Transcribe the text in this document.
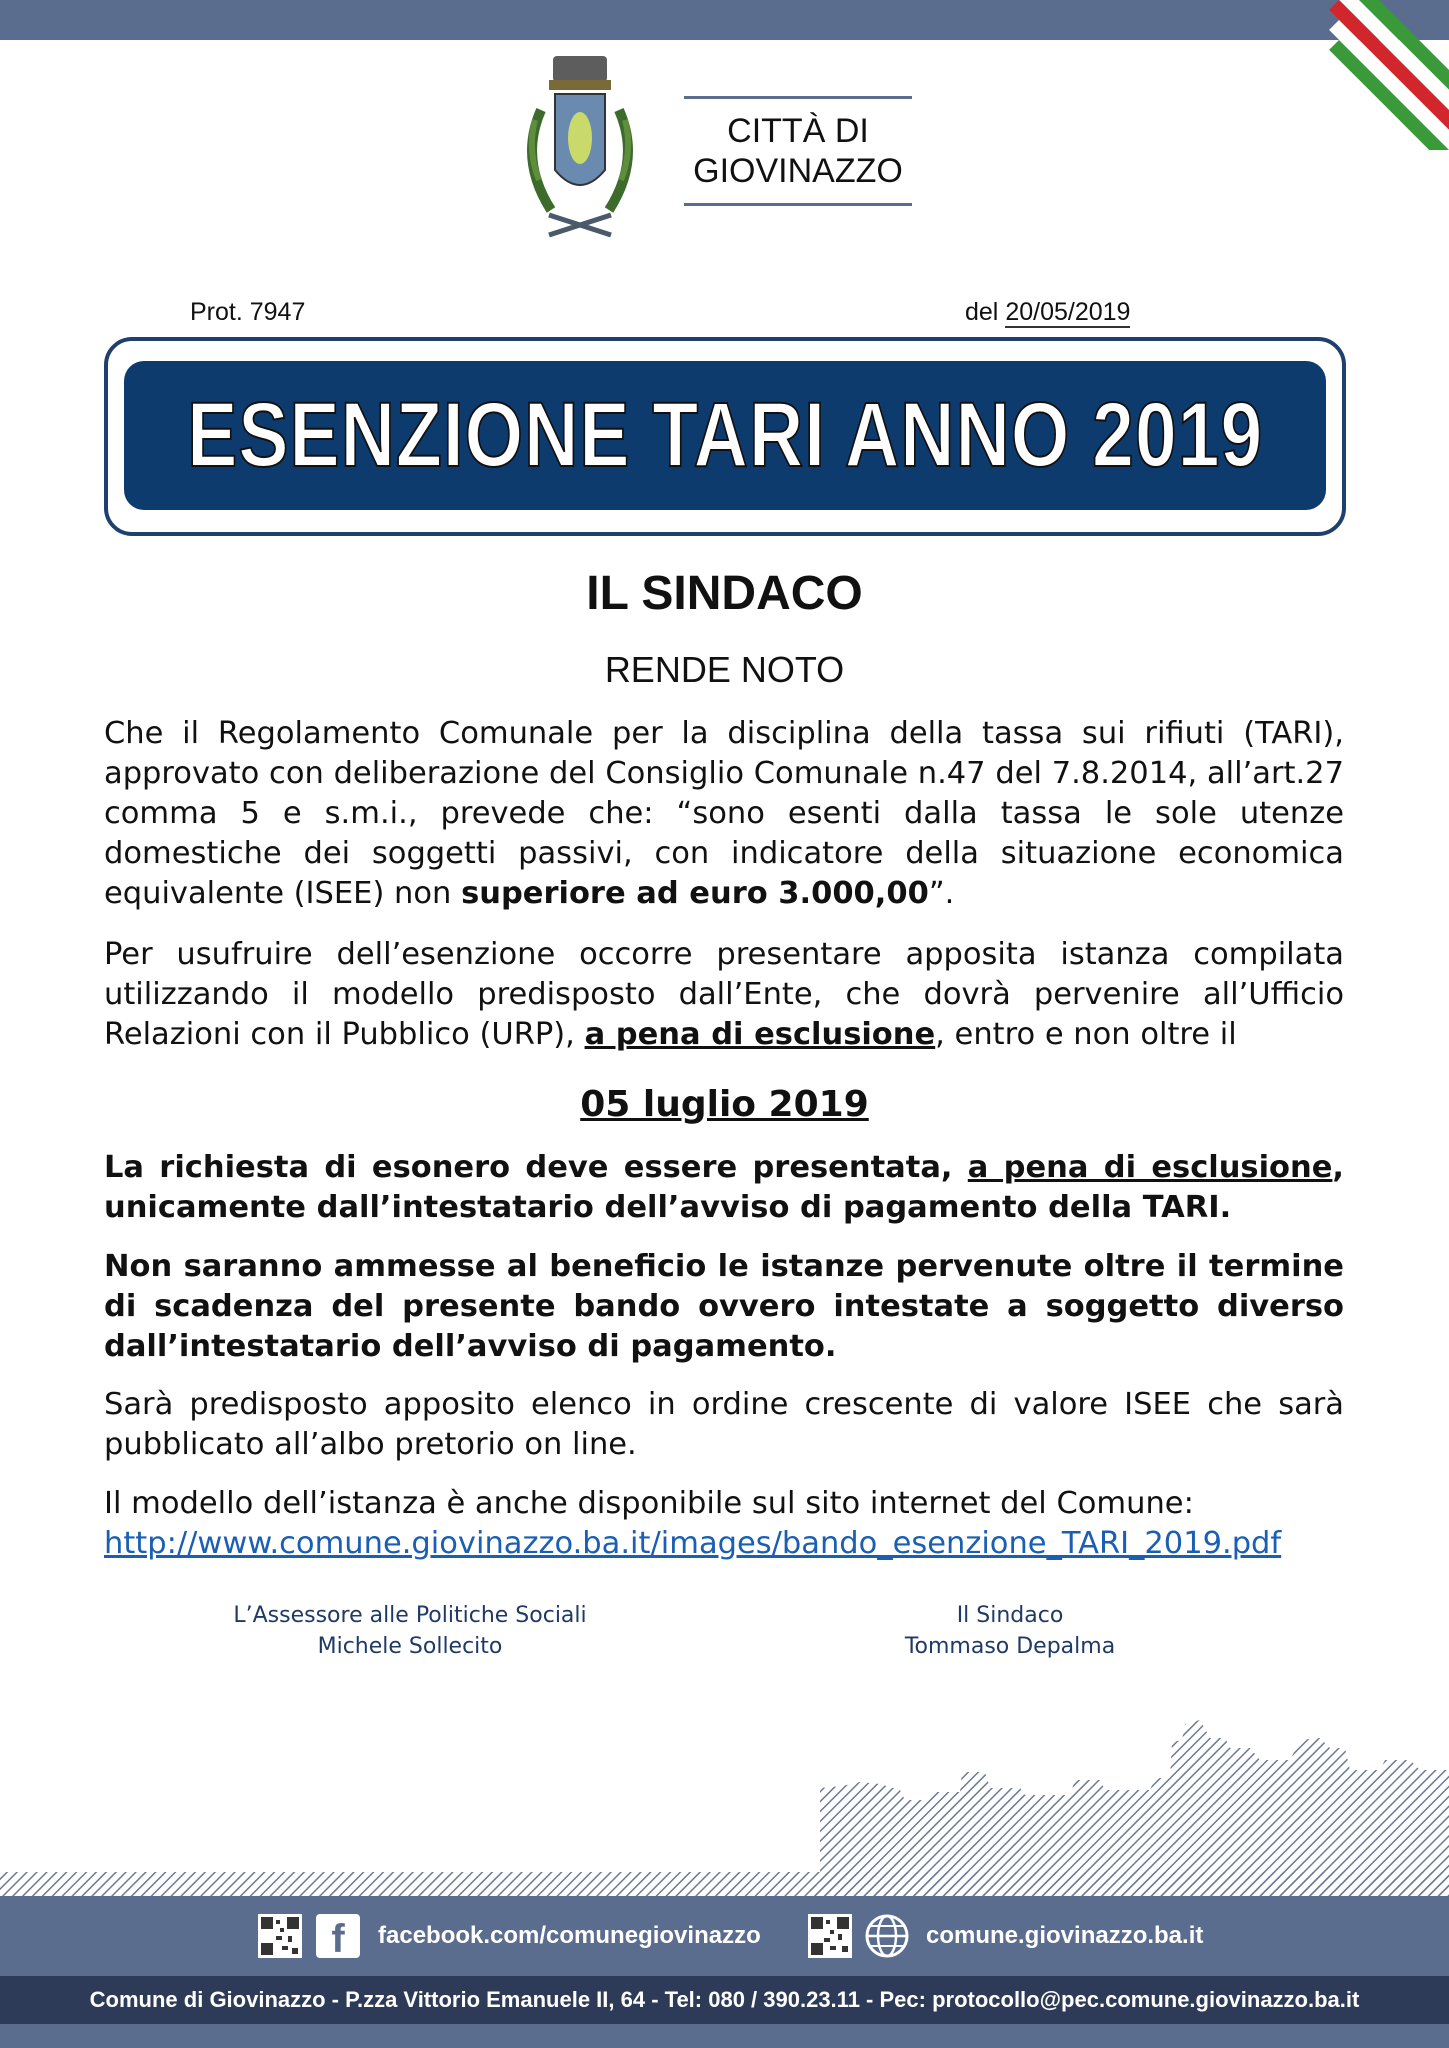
CITTÀ DI
GIOVINAZZO
Prot. 7947	del 20/05/2019
ESENZIONE TARI ANNO 2019
IL SINDACO
RENDE NOTO

Che il Regolamento Comunale per la disciplina della tassa sui rifiuti (TARI), approvato con deliberazione del Consiglio Comunale n.47 del 7.8.2014, all’art.27 comma 5 e s.m.i., prevede che: “sono esenti dalla tassa le sole utenze domestiche dei soggetti passivi, con indicatore della situazione economica equivalente (ISEE) non superiore ad euro 3.000,00”.

Per usufruire dell’esenzione occorre presentare apposita istanza compilata utilizzando il modello predisposto dall’Ente, che dovrà pervenire all’Ufficio Relazioni con il Pubblico (URP), a pena di esclusione, entro e non oltre il

05 luglio 2019

La richiesta di esonero deve essere presentata, a pena di esclusione, unicamente dall’intestatario dell’avviso di pagamento della TARI.

Non saranno ammesse al beneficio le istanze pervenute oltre il termine di scadenza del presente bando ovvero intestate a soggetto diverso dall’intestatario dell’avviso di pagamento.

Sarà predisposto apposito elenco in ordine crescente di valore ISEE che sarà pubblicato all’albo pretorio on line.

Il modello dell’istanza è anche disponibile sul sito internet del Comune:
http://www.comune.giovinazzo.ba.it/images/bando_esenzione_TARI_2019.pdf

L’Assessore alle Politiche Sociali
Michele Sollecito
Il Sindaco
Tommaso Depalma
f	facebook.com/comunegiovinazzo	comune.giovinazzo.ba.it
Comune di Giovinazzo - P.zza Vittorio Emanuele II, 64 - Tel: 080 / 390.23.11 - Pec: protocollo@pec.comune.giovinazzo.ba.it
